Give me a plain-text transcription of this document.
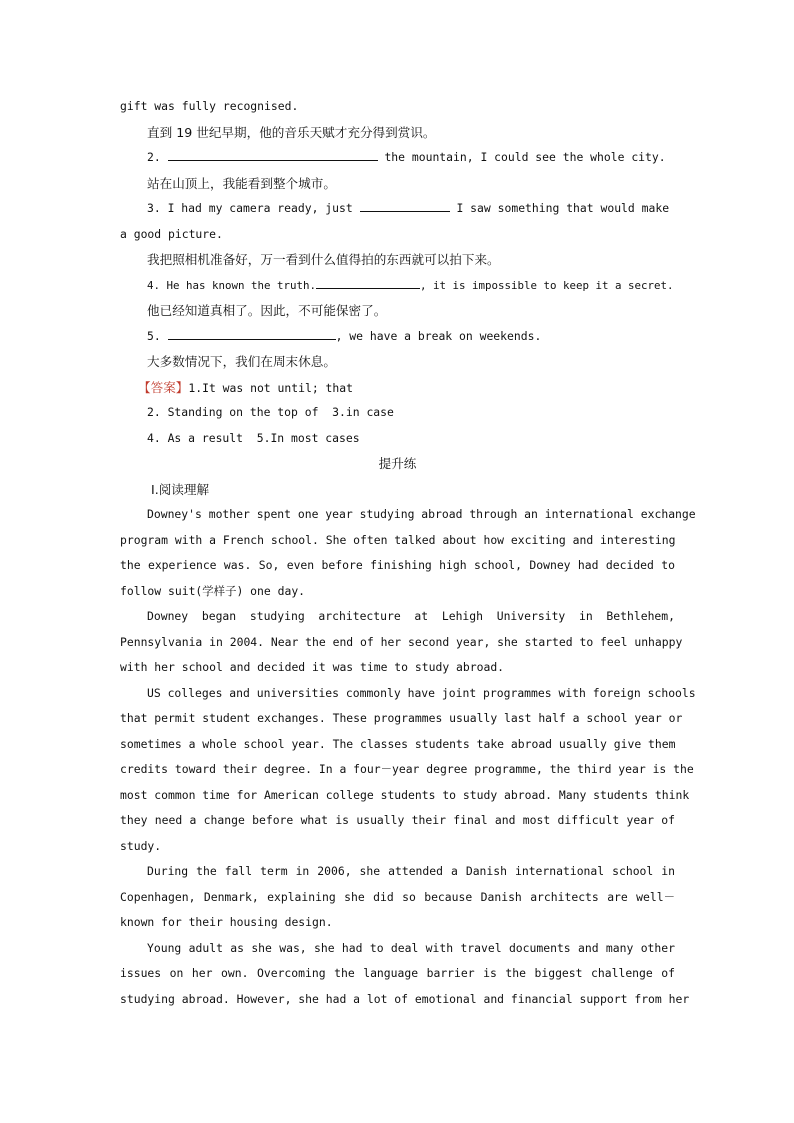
gift was fully recognised.
直到 19 世纪早期，他的音乐天赋才充分得到赏识。
2.	the mountain, I could see the whole city.
站在山顶上，我能看到整个城市。
3. I had my camera ready, just	I saw something that would make
a good picture.
我把照相机准备好，万一看到什么值得拍的东西就可以拍下来。
4. He has known the truth.	, it is impossible to keep it a secret.
他已经知道真相了。因此，不可能保密了。
5.	, we have a break on weekends.
大多数情况下，我们在周末休息。
【答案】1.It was not until; that
2. Standing on the top of  3.in case
4. As a result  5.In most cases
提升练
Ⅰ.阅读理解
Downey's mother spent one year studying abroad through an international exchange
program with a French school. She often talked about how exciting and interesting
the experience was. So, even before finishing high school, Downey had decided to
follow suit(学样子) one day.
Downey began studying architecture at Lehigh University in Bethlehem,
Pennsylvania in 2004. Near the end of her second year, she started to feel unhappy
with her school and decided it was time to study abroad.
US colleges and universities commonly have joint programmes with foreign schools
that permit student exchanges. These programmes usually last half a school year or
sometimes a whole school year. The classes students take abroad usually give them
credits toward their degree. In a four－year degree programme, the third year is the
most common time for American college students to study abroad. Many students think
they need a change before what is usually their final and most difficult year of
study.
During the fall term in 2006, she attended a Danish international school in
Copenhagen, Denmark, explaining she did so because Danish architects are well－
known for their housing design.
Young adult as she was, she had to deal with travel documents and many other
issues on her own. Overcoming the language barrier is the biggest challenge of
studying abroad. However, she had a lot of emotional and financial support from her
